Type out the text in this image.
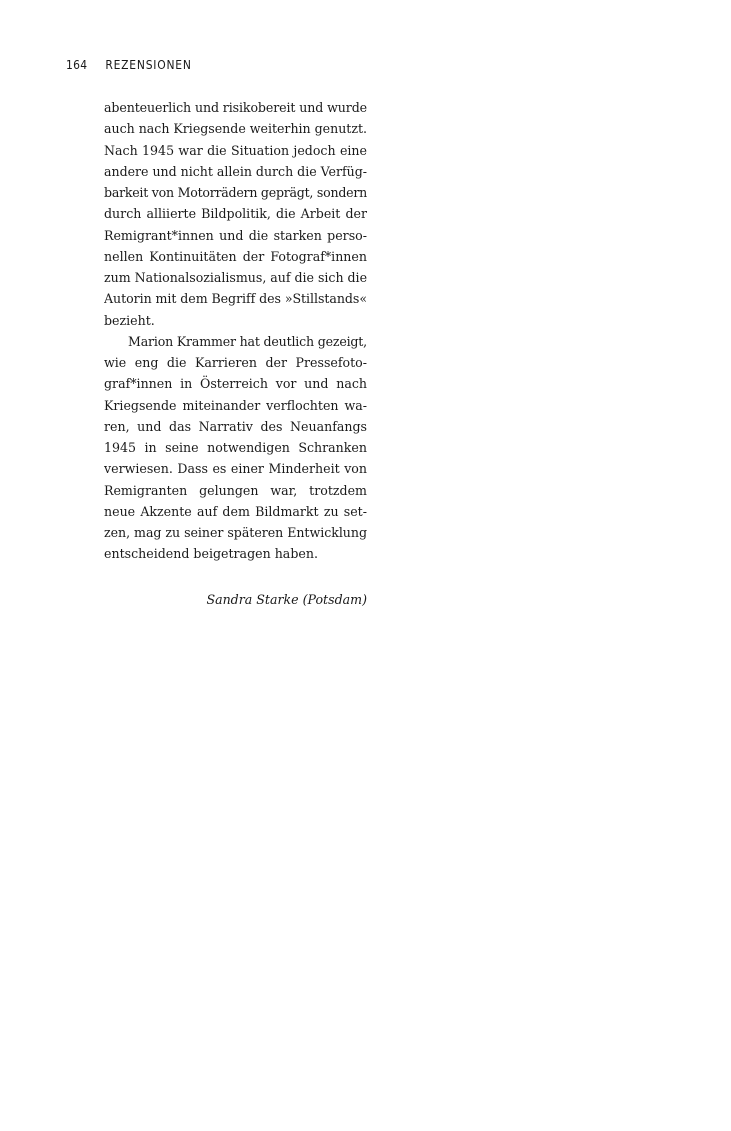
164 REZENSIONEN
abenteuerlich und risikobereit und wurde
auch nach Kriegsende weiterhin genutzt.
Nach 1945 war die Situation jedoch eine
andere und nicht allein durch die Verfüg-
barkeit von Motorrädern geprägt, sondern
durch alliierte Bildpolitik, die Arbeit der
Remigrant*innen und die starken perso-
nellen Kontinuitäten der Fotograf*innen
zum Nationalsozialismus, auf die sich die
Autorin mit dem Begriff des »Stillstands«
bezieht.
Marion Krammer hat deutlich gezeigt,
wie eng die Karrieren der Pressefoto-
graf*innen in Österreich vor und nach
Kriegsende miteinander verflochten wa-
ren, und das Narrativ des Neuanfangs
1945 in seine notwendigen Schranken
verwiesen. Dass es einer Minderheit von
Remigranten gelungen war, trotzdem
neue Akzente auf dem Bildmarkt zu set-
zen, mag zu seiner späteren Entwicklung
entscheidend beigetragen haben.
Sandra Starke (Potsdam)
